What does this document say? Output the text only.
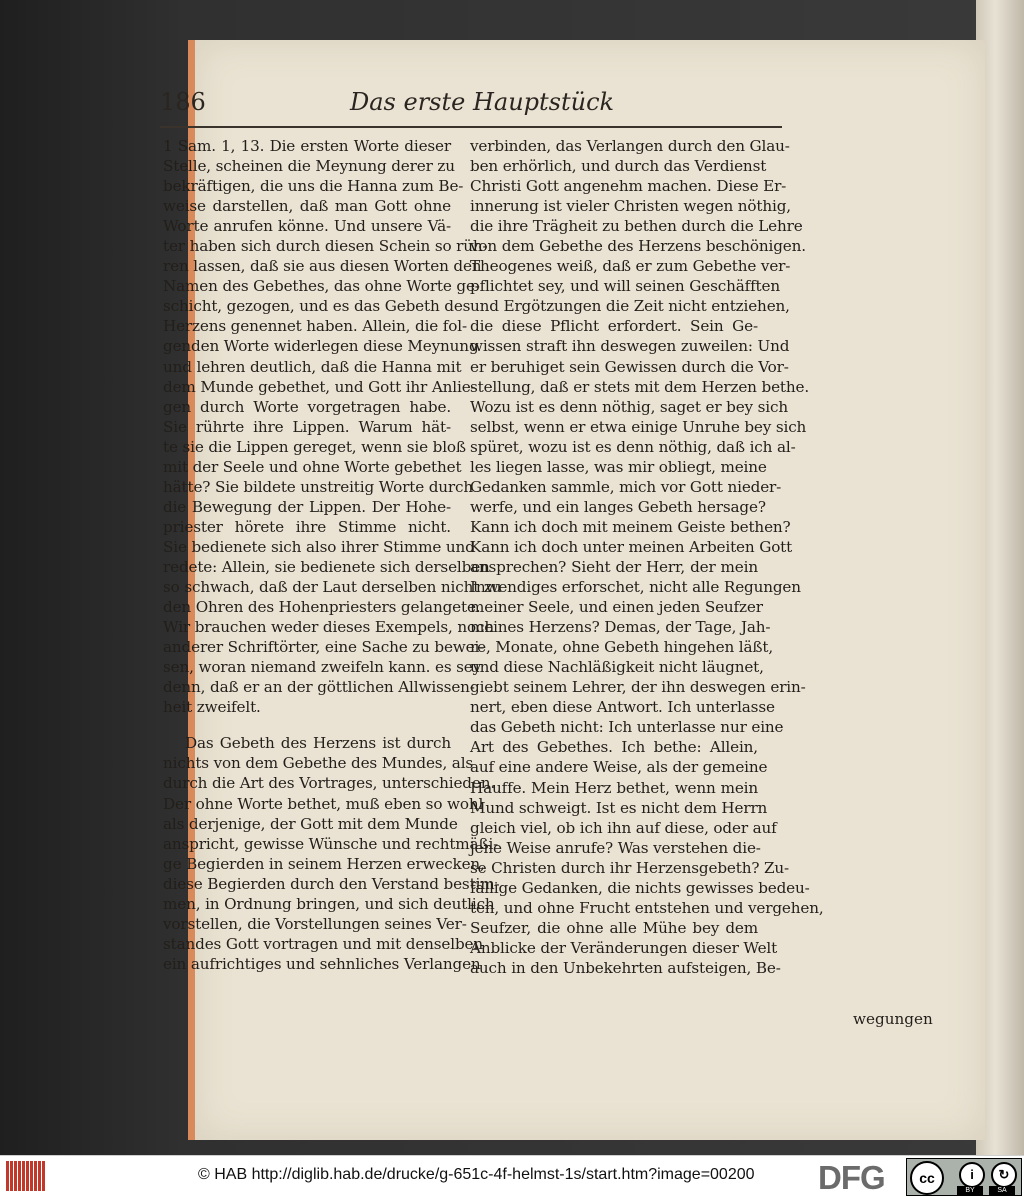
186	Das erste Hauptstück
1 Sam. 1, 13. Die ersten Worte dieser
Stelle, scheinen die Meynung derer zu
bekräftigen, die uns die Hanna zum Be-
weise darstellen, daß man Gott ohne
Worte anrufen könne. Und unsere Vä-
ter haben sich durch diesen Schein so rüh-
ren lassen, daß sie aus diesen Worten den
Namen des Gebethes, das ohne Worte ge-
schicht, gezogen, und es das Gebeth des
Herzens genennet haben. Allein, die fol-
genden Worte widerlegen diese Meynung
und lehren deutlich, daß die Hanna mit
dem Munde gebethet, und Gott ihr Anlie-
gen durch Worte vorgetragen habe.
Sie rührte ihre Lippen. Warum hät-
te sie die Lippen gereget, wenn sie bloß
mit der Seele und ohne Worte gebethet
hätte? Sie bildete unstreitig Worte durch
die Bewegung der Lippen. Der Hohe-
priester hörete ihre Stimme nicht.
Sie bedienete sich also ihrer Stimme und
redete: Allein, sie bedienete sich derselben
so schwach, daß der Laut derselben nicht zu
den Ohren des Hohenpriesters gelangete.
Wir brauchen weder dieses Exempels, noch
anderer Schriftörter, eine Sache zu bewei-
sen, woran niemand zweifeln kann. es sey
denn, daß er an der göttlichen Allwissen-
heit zweifelt.
Das Gebeth des Herzens ist durch
nichts von dem Gebethe des Mundes, als
durch die Art des Vortrages, unterschieden.
Der ohne Worte bethet, muß eben so wohl
als derjenige, der Gott mit dem Munde
anspricht, gewisse Wünsche und rechtmäßi-
ge Begierden in seinem Herzen erwecken,
diese Begierden durch den Verstand bestim-
men, in Ordnung bringen, und sich deutlich
vorstellen, die Vorstellungen seines Ver-
standes Gott vortragen und mit denselben
ein aufrichtiges und sehnliches Verlangen
verbinden, das Verlangen durch den Glau-
ben erhörlich, und durch das Verdienst
Christi Gott angenehm machen. Diese Er-
innerung ist vieler Christen wegen nöthig,
die ihre Trägheit zu bethen durch die Lehre
von dem Gebethe des Herzens beschönigen.
Theogenes weiß, daß er zum Gebethe ver-
pflichtet sey, und will seinen Geschäfften
und Ergötzungen die Zeit nicht entziehen,
die diese Pflicht erfordert. Sein Ge-
wissen straft ihn deswegen zuweilen: Und
er beruhiget sein Gewissen durch die Vor-
stellung, daß er stets mit dem Herzen bethe.
Wozu ist es denn nöthig, saget er bey sich
selbst, wenn er etwa einige Unruhe bey sich
spüret, wozu ist es denn nöthig, daß ich al-
les liegen lasse, was mir obliegt, meine
Gedanken sammle, mich vor Gott nieder-
werfe, und ein langes Gebeth hersage?
Kann ich doch mit meinem Geiste bethen?
Kann ich doch unter meinen Arbeiten Gott
ansprechen? Sieht der Herr, der mein
Inwendiges erforschet, nicht alle Regungen
meiner Seele, und einen jeden Seufzer
meines Herzens? Demas, der Tage, Jah-
re, Monate, ohne Gebeth hingehen läßt,
und diese Nachläßigkeit nicht läugnet,
giebt seinem Lehrer, der ihn deswegen erin-
nert, eben diese Antwort. Ich unterlasse
das Gebeth nicht: Ich unterlasse nur eine
Art des Gebethes. Ich bethe: Allein,
auf eine andere Weise, als der gemeine
Hauffe. Mein Herz bethet, wenn mein
Mund schweigt. Ist es nicht dem Herrn
gleich viel, ob ich ihn auf diese, oder auf
jene Weise anrufe? Was verstehen die-
se Christen durch ihr Herzensgebeth? Zu-
fällige Gedanken, die nichts gewisses bedeu-
ten, und ohne Frucht entstehen und vergehen,
Seufzer, die ohne alle Mühe bey dem
Anblicke der Veränderungen dieser Welt
auch in den Unbekehrten aufsteigen, Be-
wegungen
© HAB http://diglib.hab.de/drucke/g-651c-4f-helmst-1s/start.htm?image=00200 DFG	cc	i	↻
BY	SA
